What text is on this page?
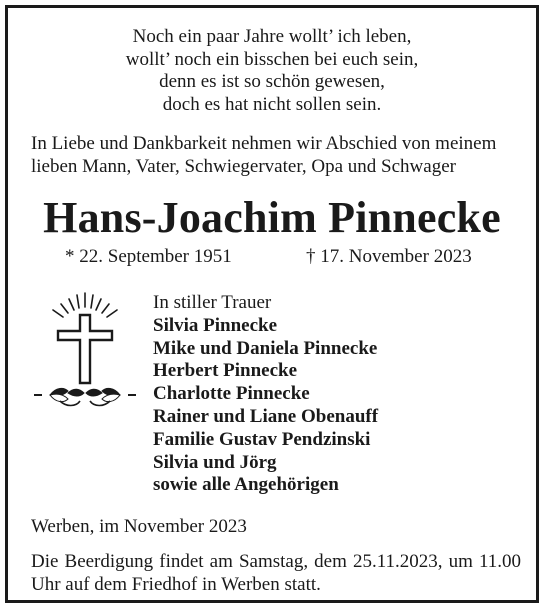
Noch ein paar Jahre wollt’ ich leben,
wollt’ noch ein bisschen bei euch sein,
denn es ist so schön gewesen,
doch es hat nicht sollen sein.
In Liebe und Dankbarkeit nehmen wir Abschied von meinem
lieben Mann, Vater, Schwiegervater, Opa und Schwager
Hans-Joachim Pinnecke
* 22. September 1951	† 17. November 2023
In stiller Trauer
Silvia Pinnecke
Mike und Daniela Pinnecke
Herbert Pinnecke
Charlotte Pinnecke
Rainer und Liane Obenauff
Familie Gustav Pendzinski
Silvia und Jörg
sowie alle Angehörigen
Werben, im November 2023
Die Beerdigung findet am Samstag, dem 25.11.2023, um 11.00 Uhr auf dem Friedhof in Werben statt.
